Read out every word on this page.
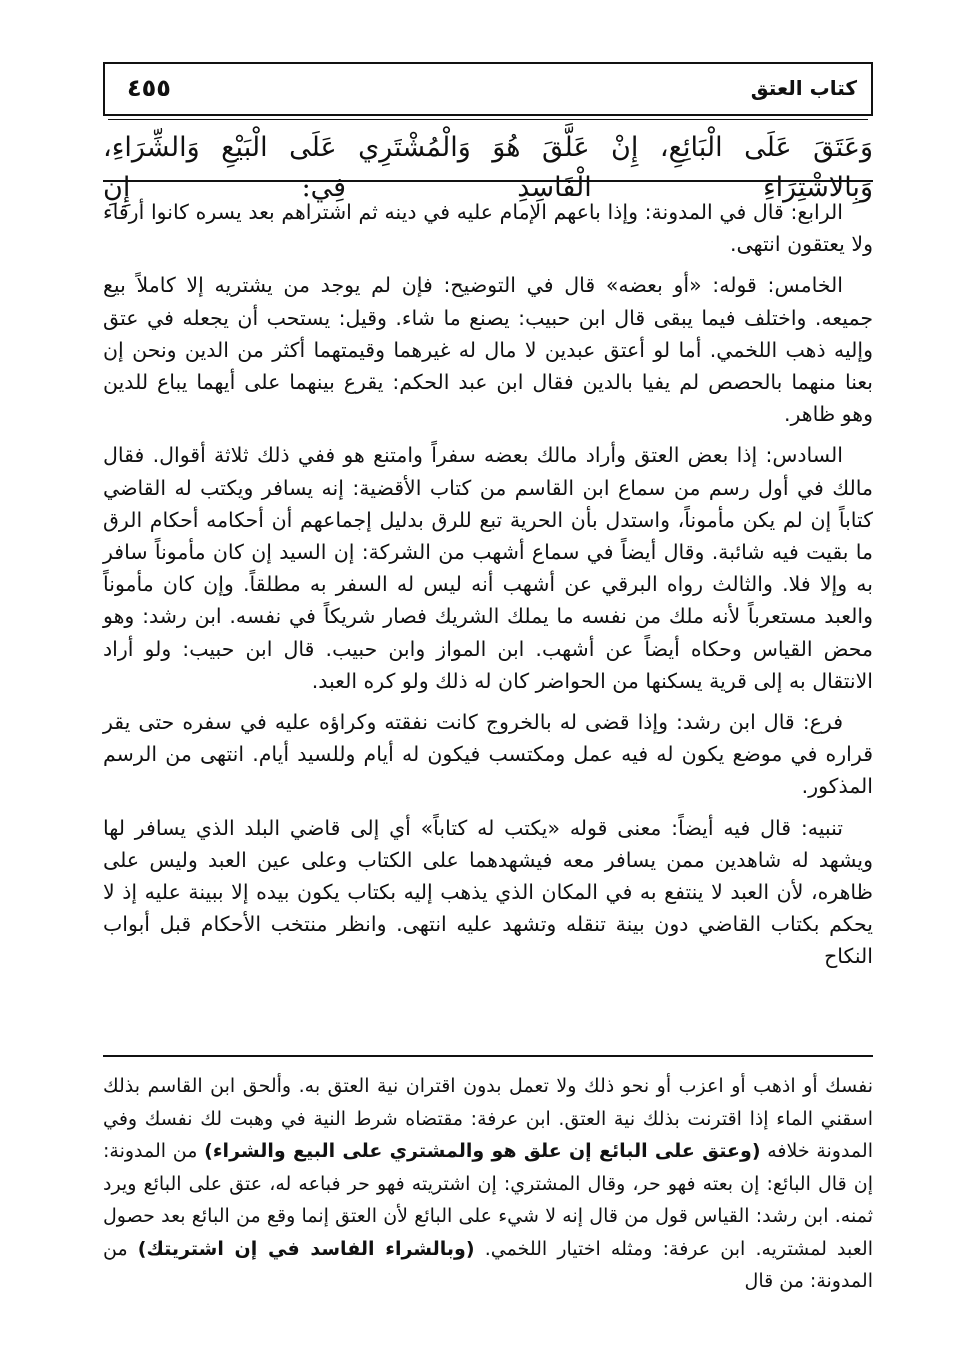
٤٥٥	كتاب العتق
وَعَتَقَ عَلَى الْبَائِعِ، إِنْ عَلَّقَ هُوَ وَالْمُشْتَرِي عَلَى الْبَيْعِ وَالشِّرَاءِ، وَبِالاشْتِرَاءِ الْفَاسِدِ فِي: إِنِ

الرابع: قال في المدونة: وإذا باعهم الإمام عليه في دينه ثم اشتراهم بعد يسره كانوا أرقاء ولا يعتقون انتهى.

الخامس: قوله: «أو بعضه» قال في التوضيح: فإن لم يوجد من يشتريه إلا كاملاً بيع جميعه. واختلف فيما يبقى قال ابن حبيب: يصنع ما شاء. وقيل: يستحب أن يجعله في عتق وإليه ذهب اللخمي. أما لو أعتق عبدين لا مال له غيرهما وقيمتهما أكثر من الدين ونحن إن بعنا منهما بالحصص لم يفيا بالدين فقال ابن عبد الحكم: يقرع بينهما على أيهما يباع للدين وهو ظاهر.

السادس: إذا بعض العتق وأراد مالك بعضه سفراً وامتنع هو ففي ذلك ثلاثة أقوال. فقال مالك في أول رسم من سماع ابن القاسم من كتاب الأقضية: إنه يسافر ويكتب له القاضي كتاباً إن لم يكن مأموناً، واستدل بأن الحرية تبع للرق بدليل إجماعهم أن أحكامه أحكام الرق ما بقيت فيه شائبة. وقال أيضاً في سماع أشهب من الشركة: إن السيد إن كان مأموناً سافر به وإلا فلا. والثالث رواه البرقي عن أشهب أنه ليس له السفر به مطلقاً. وإن كان مأموناً والعبد مستعرباً لأنه ملك من نفسه ما يملك الشريك فصار شريكاً في نفسه. ابن رشد: وهو محض القياس وحكاه أيضاً عن أشهب. ابن المواز وابن حبيب. قال ابن حبيب: ولو أراد الانتقال به إلى قرية يسكنها من الحواضر كان له ذلك ولو كره العبد.

فرع: قال ابن رشد: وإذا قضى له بالخروج كانت نفقته وكراؤه عليه في سفره حتى يقر قراره في موضع يكون له فيه عمل ومكتسب فيكون له أيام وللسيد أيام. انتهى من الرسم المذكور.

تنبيه: قال فيه أيضاً: معنى قوله «يكتب له كتاباً» أي إلى قاضي البلد الذي يسافر لها ويشهد له شاهدين ممن يسافر معه فيشهدهما على الكتاب وعلى عين العبد وليس على ظاهره، لأن العبد لا ينتفع به في المكان الذي يذهب إليه بكتاب يكون بيده إلا ببينة عليه إذ لا يحكم بكتاب القاضي دون بينة تنقله وتشهد عليه انتهى. وانظر منتخب الأحكام قبل أبواب النكاح

نفسك أو اذهب أو اعزب أو نحو ذلك ولا تعمل بدون اقتران نية العتق به. وألحق ابن القاسم بذلك اسقني الماء إذا اقترنت بذلك نية العتق. ابن عرفة: مقتضاه شرط النية في وهبت لك نفسك وفي المدونة خلافه (وعتق على البائع إن علق هو والمشتري على البيع والشراء) من المدونة: إن قال البائع: إن بعته فهو حر، وقال المشتري: إن اشتريته فهو حر فباعه له، عتق على البائع ويرد ثمنه. ابن رشد: القياس قول من قال إنه لا شيء على البائع لأن العتق إنما وقع من البائع بعد حصول العبد لمشتريه. ابن عرفة: ومثله اختيار اللخمي. (وبالشراء الفاسد في إن اشتريتك) من المدونة: من قال
